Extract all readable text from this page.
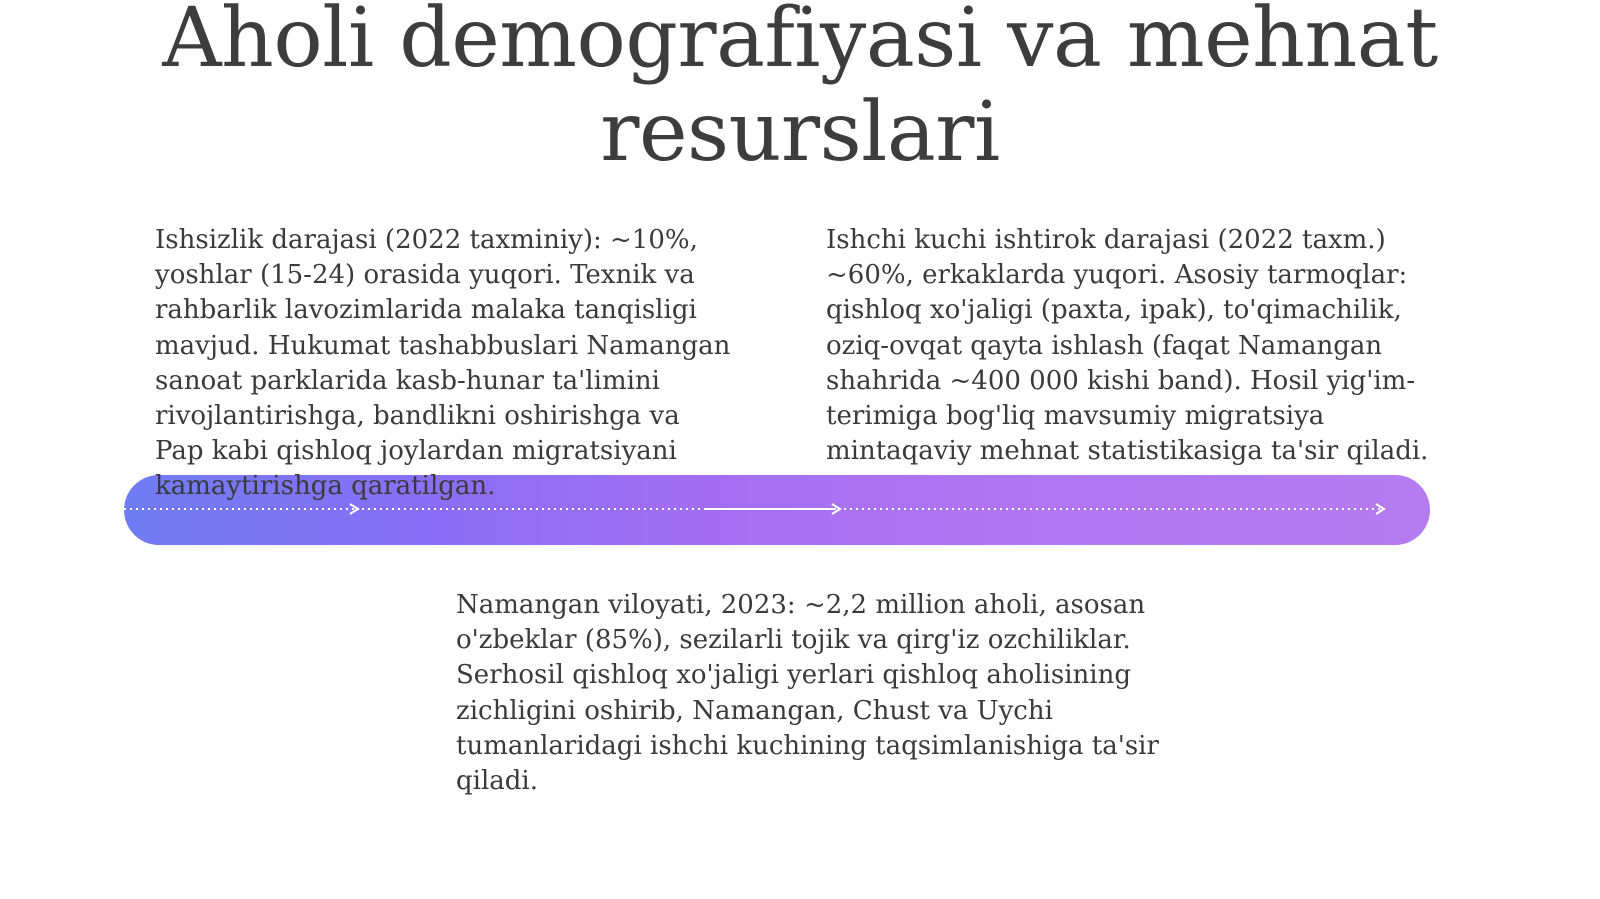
Aholi demografiyasi va mehnat resurslari

Ishsizlik darajasi (2022 taxminiy): ~10%, yoshlar (15-24) orasida yuqori. Texnik va rahbarlik lavozimlarida malaka tanqisligi mavjud. Hukumat tashabbuslari Namangan sanoat parklarida kasb-hunar ta'limini rivojlantirishga, bandlikni oshirishga va Pap kabi qishloq joylardan migratsiyani kamaytirishga qaratilgan.

Ishchi kuchi ishtirok darajasi (2022 taxm.) ~60%, erkaklarda yuqori. Asosiy tarmoqlar: qishloq xo'jaligi (paxta, ipak), to'qimachilik, oziq-ovqat qayta ishlash (faqat Namangan shahrida ~400 000 kishi band). Hosil yig'im-terimiga bog'liq mavsumiy migratsiya mintaqaviy mehnat statistikasiga ta'sir qiladi.

Namangan viloyati, 2023: ~2,2 million aholi, asosan o'zbeklar (85%), sezilarli tojik va qirg'iz ozchiliklar. Serhosil qishloq xo'jaligi yerlari qishloq aholisining zichligini oshirib, Namangan, Chust va Uychi tumanlaridagi ishchi kuchining taqsimlanishiga ta'sir qiladi.
